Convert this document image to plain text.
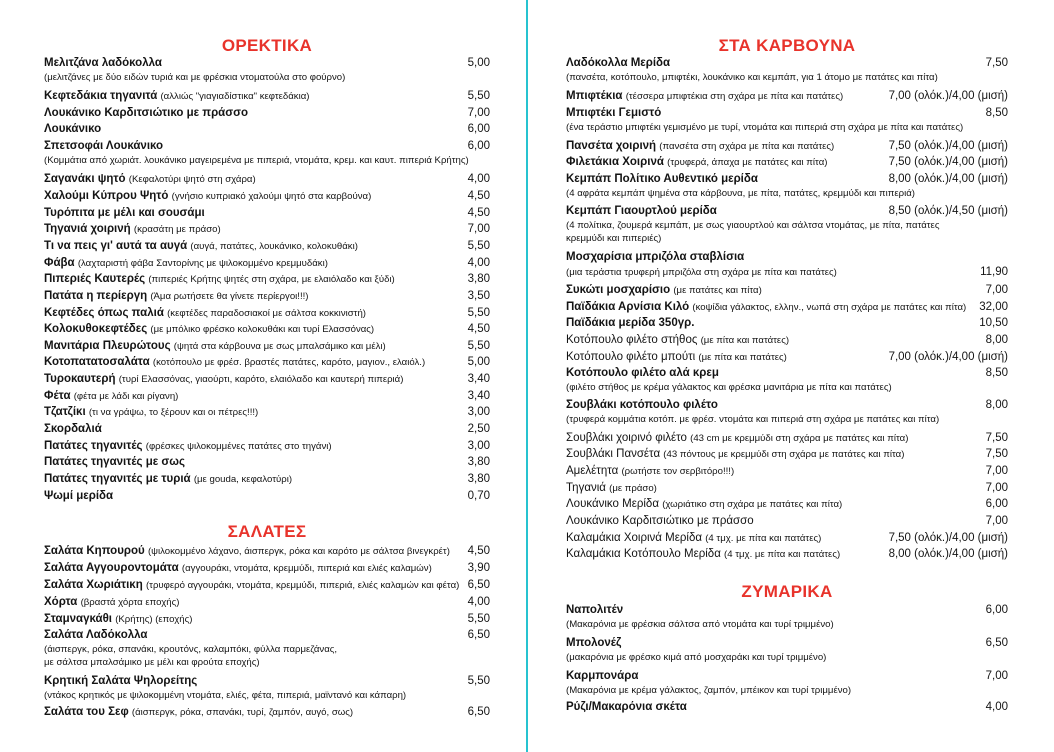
ΟΡΕΚΤΙΚΑ
Μελιτζάνα λαδόκολλα	5,00
(μελιτζάνες με δύο ειδών τυριά και με φρέσκια ντοματούλα στο φούρνο)
Κεφτεδάκια τηγανιτά (αλλιώς "γιαγιαδίστικα" κεφτεδάκια)	5,50
Λουκάνικο Καρδιτσιώτικο με πράσσο	7,00
Λουκάνικο	6,00
Σπετσοφάι Λουκάνικο	6,00
(Κομμάτια από χωριάτ. λουκάνικο μαγειρεμένα με πιπεριά, ντομάτα, κρεμ. και καυτ. πιπεριά Κρήτης)
Σαγανάκι ψητό (Κεφαλοτύρι ψητό στη σχάρα)	4,00
Χαλούμι Κύπρου Ψητό (γνήσιο κυπριακό χαλούμι ψητό στα καρβούνα)	4,50
Τυρόπιτα με μέλι και σουσάμι	4,50
Τηγανιά χοιρινή (κρασάτη με πράσο)	7,00
Τι να πεις γι' αυτά τα αυγά (αυγά, πατάτες, λουκάνικο, κολοκυθάκι)	5,50
Φάβα (λαχταριστή φάβα Σαντορίνης με ψιλοκομμένο κρεμμυδάκι)	4,00
Πιπεριές Καυτερές (πιπεριές Κρήτης ψητές στη σχάρα, με ελαιόλαδο και ξύδι)	3,80
Πατάτα η περίεργη (Άμα ρωτήσετε θα γίνετε περίεργοι!!!)	3,50
Κεφτέδες όπως παλιά (κεφτέδες παραδοσιακοί με σάλτσα κοκκινιστή)	5,50
Κολοκυθοκεφτέδες (με μπόλικο φρέσκο κολοκυθάκι και τυρί Ελασσόνας)	4,50
Μανιτάρια Πλευρώτους (ψητά στα κάρβουνα με σως μπαλσάμικο και μέλι)	5,50
Κοτοπατατοσαλάτα (κοτόπουλο με φρέσ. βραστές πατάτες, καρότο, μαγιον., ελαιόλ.)	5,00
Τυροκαυτερή (τυρί Ελασσόνας, γιαούρτι, καρότο, ελαιόλαδο και καυτερή πιπεριά)	3,40
Φέτα (φέτα με λάδι και ρίγανη)	3,40
Τζατζίκι (τι να γράψω, το ξέρουν και οι πέτρες!!!)	3,00
Σκορδαλιά	2,50
Πατάτες τηγανιτές (φρέσκες ψιλοκομμένες πατάτες στο τηγάνι)	3,00
Πατάτες τηγανιτές με σως	3,80
Πατάτες τηγανιτές με τυριά (με gouda, κεφαλοτύρι)	3,80
Ψωμί μερίδα	0,70
ΣΑΛΑΤΕΣ
Σαλάτα Κηπουρού (ψιλοκομμένο λάχανο, άισπεργκ, ρόκα και καρότο με σάλτσα βινεγκρέτ)	4,50
Σαλάτα Αγγουροντομάτα (αγγουράκι, ντομάτα, κρεμμύδι, πιπεριά και ελιές καλαμών)	3,90
Σαλάτα Χωριάτικη (τρυφερό αγγουράκι, ντομάτα, κρεμμύδι, πιπεριά, ελιές καλαμών και φέτα) 6,50
Χόρτα (βραστά χόρτα εποχής)	4,00
Σταμναγκάθι (Κρήτης) (εποχής)	5,50
Σαλάτα Λαδόκολλα	6,50
(άισπεργκ, ρόκα, σπανάκι, κρουτόνς, καλαμπόκι, φύλλα παρμεζάνας,
με σάλτσα μπαλσάμικο με μέλι και φρούτα εποχής)
Κρητική Σαλάτα Ψηλορείτης	5,50
(ντάκος κρητικός με ψιλοκομμένη ντομάτα, ελιές, φέτα, πιπεριά, μαϊντανό και κάπαρη)
Σαλάτα του Σεφ (άισπεργκ, ρόκα, σπανάκι, τυρί, ζαμπόν, αυγό, σως)	6,50
ΣΤΑ ΚΑΡΒΟΥΝΑ
Λαδόκολλα Μερίδα	7,50
(πανσέτα, κοτόπουλο, μπιφτέκι, λουκάνικο και κεμπάπ, για 1 άτομο με πατάτες και πίτα)
Μπιφτέκια (τέσσερα μπιφτέκια στη σχάρα με πίτα και πατάτες)	7,00 (ολόκ.)/4,00 (μισή)
Μπιφτέκι Γεμιστό	8,50
(ένα τεράστιο μπιφτέκι γεμισμένο με τυρί, ντομάτα και πιπεριά στη σχάρα με πίτα και πατάτες)
Πανσέτα χοιρινή (πανσέτα στη σχάρα με πίτα και πατάτες)	7,50 (ολόκ.)/4,00 (μισή)
Φιλετάκια Χοιρινά (τρυφερά, άπαχα με πατάτες και πίτα)	7,50 (ολόκ.)/4,00 (μισή)
Κεμπάπ Πολίτικο Αυθεντικό μερίδα	8,00 (ολόκ.)/4,00 (μισή)
(4 αφράτα κεμπάπ ψημένα στα κάρβουνα, με πίτα, πατάτες, κρεμμύδι και πιπεριά)
Κεμπάπ Γιαουρτλού μερίδα	8,50 (ολόκ.)/4,50 (μισή)
(4 πολίτικα, ζουμερά κεμπάπ, με σως γιαουρτλού και σάλτσα ντομάτας, με πίτα, πατάτες
κρεμμύδι και πιπεριές)
Μοσχαρίσια μπριζόλα σταβλίσια
(μια τεράστια τρυφερή μπριζόλα στη σχάρα με πίτα και πατάτες)	11,90
Συκώτι μοσχαρίσιο (με πατάτες και πίτα)	7,00
Παϊδάκια Αρνίσια Κιλό (κοψίδια γάλακτος, ελλην., νωπά στη σχάρα με πατάτες και πίτα)	32,00
Παϊδάκια μερίδα 350γρ.	10,50
Κοτόπουλο φιλέτο στήθος (με πίτα και πατάτες)	8,00
Κοτόπουλο φιλέτο μπούτι (με πίτα και πατάτες)	7,00 (ολόκ.)/4,00 (μισή)
Κοτόπουλο φιλέτο αλά κρεμ	8,50
(φιλέτο στήθος με κρέμα γάλακτος και φρέσκα μανιτάρια με πίτα και πατάτες)
Σουβλάκι κοτόπουλο φιλέτο	8,00
(τρυφερά κομμάτια κοτόπ. με φρέσ. ντομάτα και πιπεριά στη σχάρα με πατάτες και πίτα)
Σουβλάκι χοιρινό φιλέτο (43 cm με κρεμμύδι στη σχάρα με πατάτες και πίτα)	7,50
Σουβλάκι Πανσέτα (43 πόντους με κρεμμύδι στη σχάρα με πατάτες και πίτα)	7,50
Αμελέτητα (ρωτήστε τον σερβιτόρο!!!)	7,00
Τηγανιά (με πράσο)	7,00
Λουκάνικο Μερίδα (χωριάτικο στη σχάρα με πατάτες και πίτα)	6,00
Λουκάνικο Καρδιτσιώτικο με πράσσο	7,00
Καλαμάκια Χοιρινά Μερίδα (4 τμχ. με πίτα και πατάτες)	7,50 (ολόκ.)/4,00 (μισή)
Καλαμάκια Κοτόπουλο Μερίδα (4 τμχ. με πίτα και πατάτες)	8,00 (ολόκ.)/4,00 (μισή)
ΖΥΜΑΡΙΚΑ
Ναπολιτέν	6,00
(Μακαρόνια με φρέσκια σάλτσα από ντομάτα και τυρί τριμμένο)
Μπολονέζ	6,50
(μακαρόνια με φρέσκο κιμά από μοσχαράκι και τυρί τριμμένο)
Καρμπονάρα	7,00
(Μακαρόνια με κρέμα γάλακτος, ζαμπόν, μπέικον και τυρί τριμμένο)
Ρύζι/Μακαρόνια σκέτα	4,00
